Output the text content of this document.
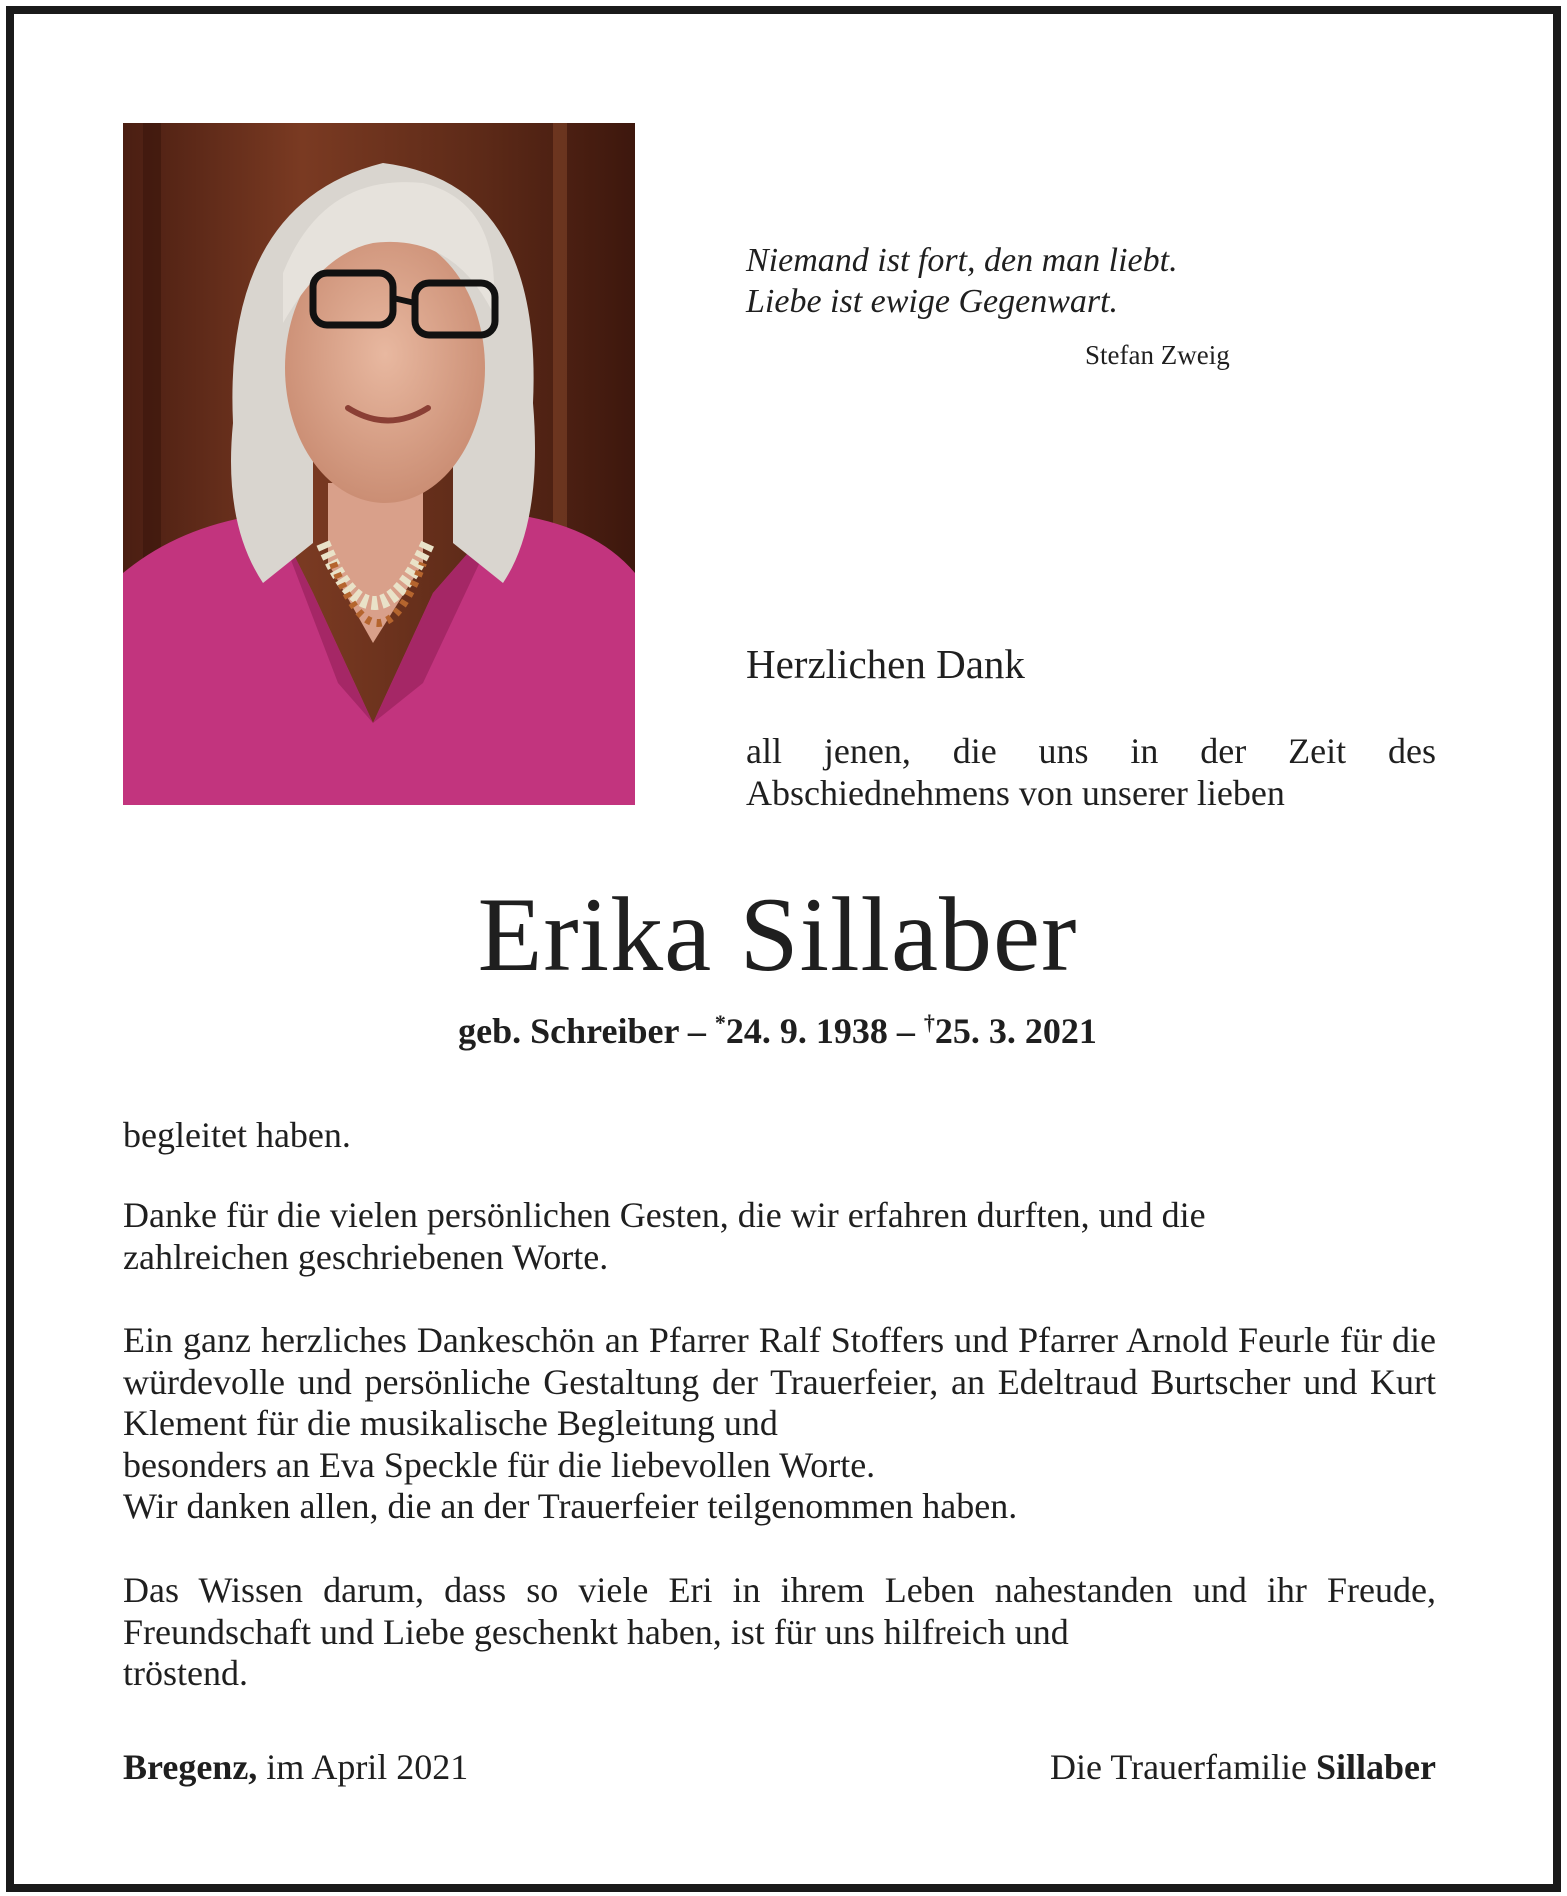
Niemand ist fort, den man liebt.
Liebe ist ewige Gegenwart.
Stefan Zweig
Herzlichen Dank
all jenen, die uns in der Zeit des
Abschiednehmens von unserer lieben
Erika Sillaber
geb. Schreiber – *24. 9. 1938 – †25. 3. 2021
begleitet haben.
Danke für die vielen persönlichen Gesten, die wir erfahren durften, und die
zahlreichen geschriebenen Worte.
Ein ganz herzliches Dankeschön an Pfarrer Ralf Stoffers und Pfarrer Arnold Feurle für die würdevolle und persönliche Gestaltung der Trauerfeier, an Edeltraud Burtscher und Kurt Klement für die musikalische Begleitung und
besonders an Eva Speckle für die liebevollen Worte.
Wir danken allen, die an der Trauerfeier teilgenommen haben.
Das Wissen darum, dass so viele Eri in ihrem Leben nahestanden und ihr Freude, Freundschaft und Liebe geschenkt haben, ist für uns hilfreich und
tröstend.
Bregenz, im April 2021	Die Trauerfamilie Sillaber
